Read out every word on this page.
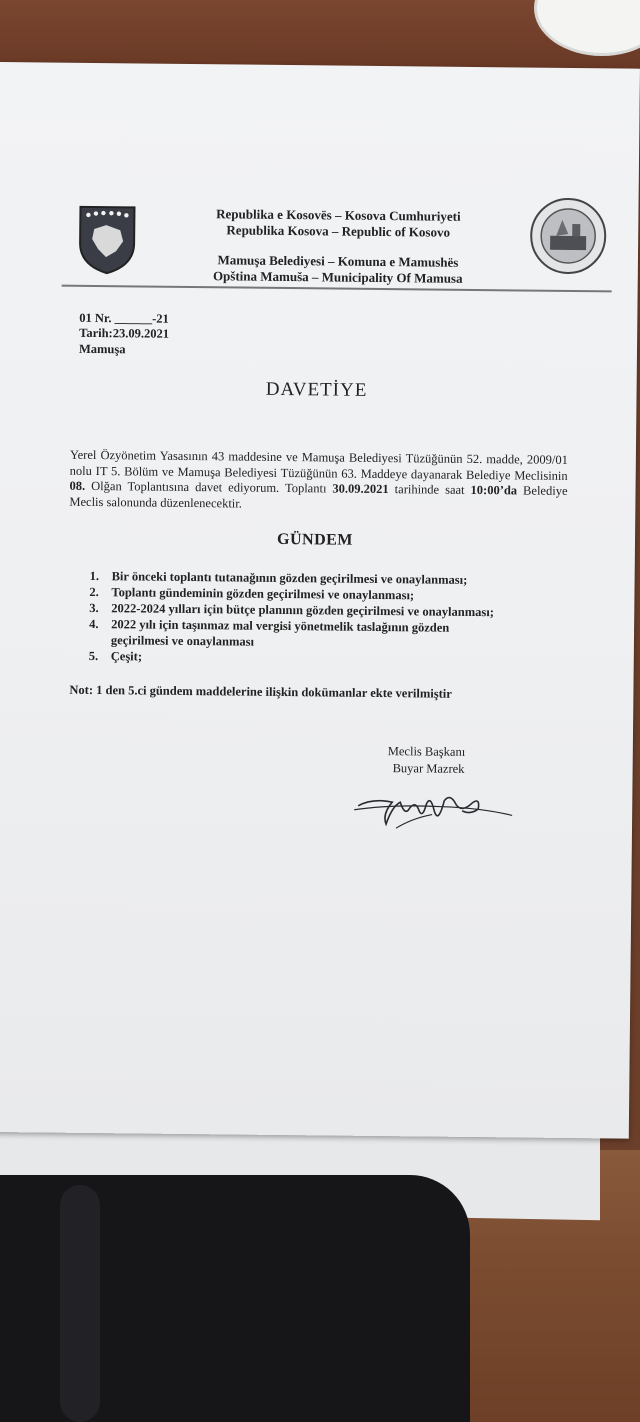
Republika e Kosovës – Kosova Cumhuriyeti
Republika Kosova – Republic of Kosovo
Mamuşa Belediyesi – Komuna e Mamushës
Opština Mamuša – Municipality Of Mamusa
01 Nr. ______-21
Tarih:23.09.2021
Mamuşa
DAVETİYE
Yerel Özyönetim Yasasının 43 maddesine ve Mamuşa Belediyesi Tüzüğünün 52. madde, 2009/01 nolu IT 5. Bölüm ve Mamuşa Belediyesi Tüzüğünün 63. Maddeye dayanarak Belediye Meclisinin 08. Olğan Toplantısına davet ediyorum. Toplantı 30.09.2021 tarihinde saat 10:00’da Belediye Meclis salonunda düzenlenecektir.
GÜNDEM
1. Bir önceki toplantı tutanağının gözden geçirilmesi ve onaylanması;
2. Toplantı gündeminin gözden geçirilmesi ve onaylanması;
3. 2022-2024 yılları için bütçe planının gözden geçirilmesi ve onaylanması;
4. 2022 yılı için taşınmaz mal vergisi yönetmelik taslağının gözden geçirilmesi ve onaylanması
5. Çeşit;
Not: 1 den 5.ci gündem maddelerine ilişkin dokümanlar ekte verilmiştir
Meclis Başkanı
Buyar Mazrek
